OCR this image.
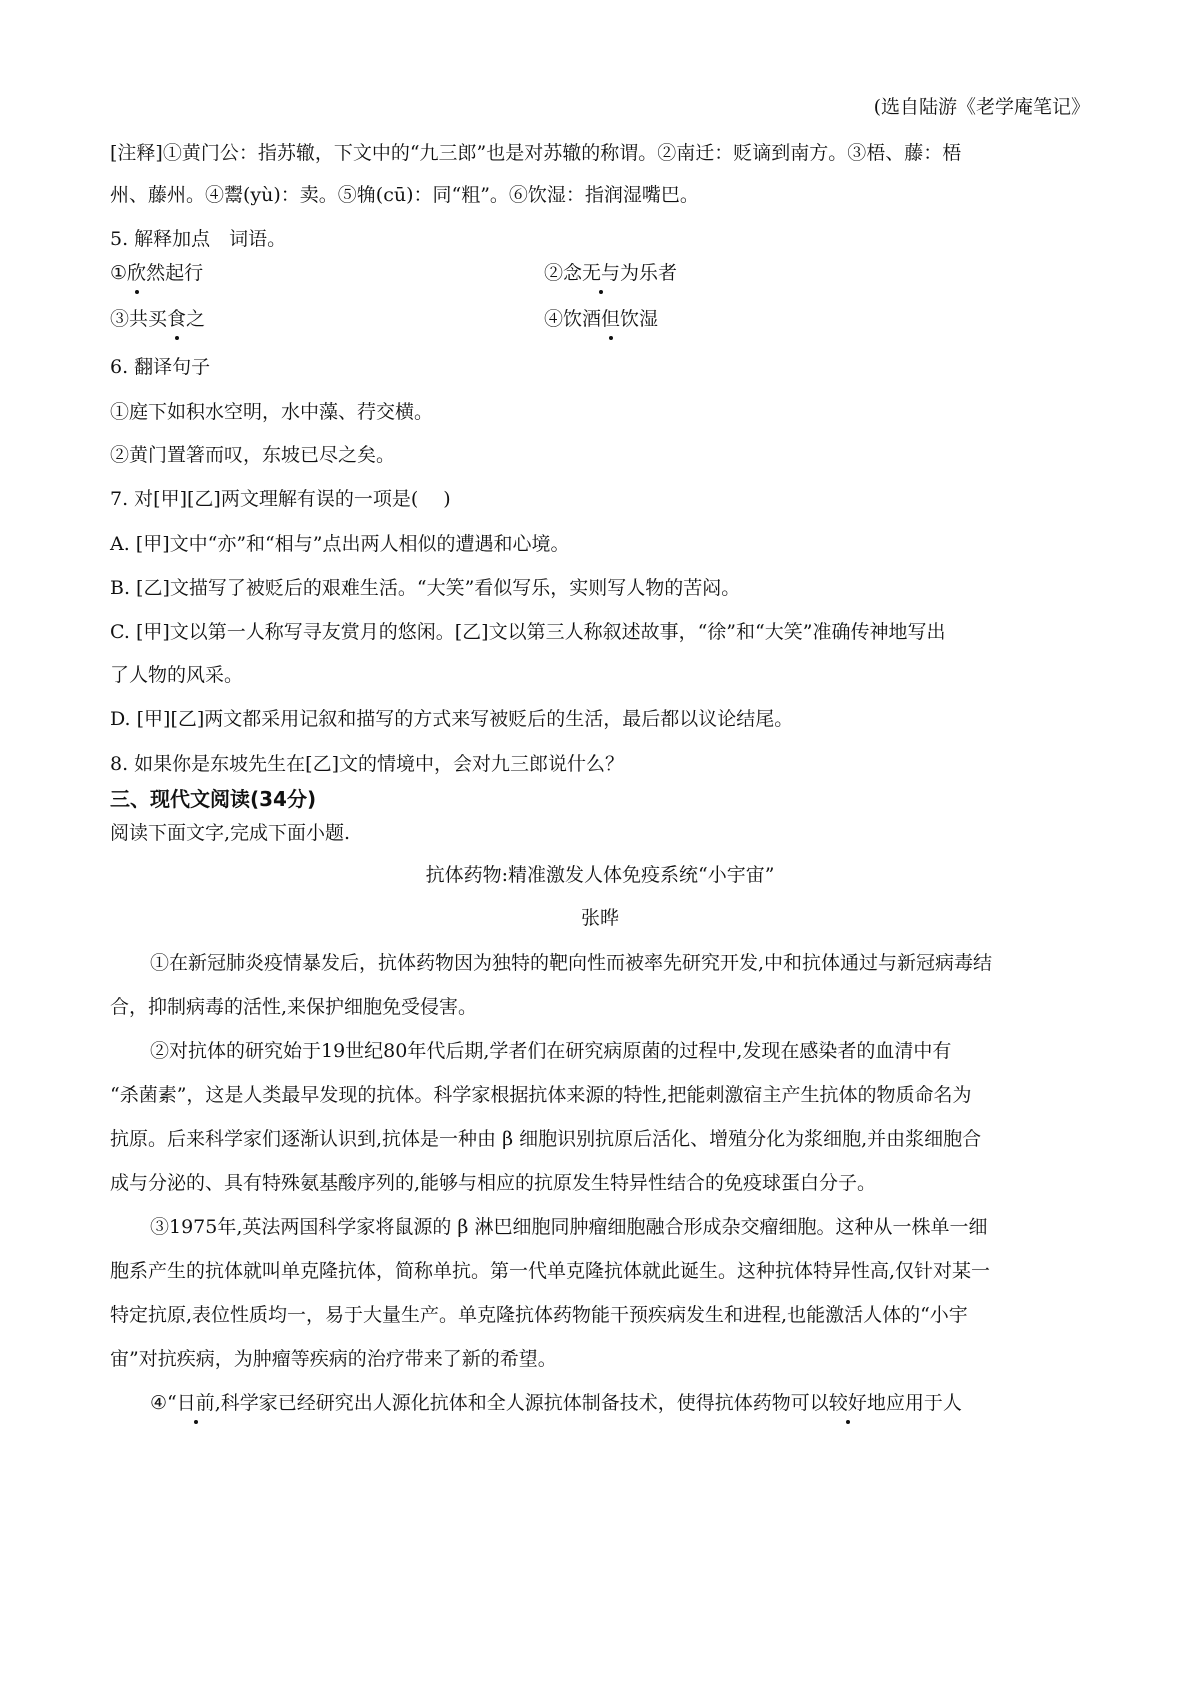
(选自陆游《老学庵笔记》
[注释]①黄门公：指苏辙，下文中的“九三郎”也是对苏辙的称谓。②南迁：贬谪到南方。③梧、藤：梧
州、藤州。④鬻(yù)：卖。⑤觕(cū)：同“粗”。⑥饮湿：指润湿嘴巴。
5. 解释加点　词语。
①欣然起行	②念无与为乐者
③共买食之	④饮酒但饮湿
6. 翻译句子
①庭下如积水空明，水中藻、荇交横。
②黄门置箸而叹，东坡已尽之矣。
7. 对[甲][乙]两文理解有误的一项是(　 )
A. [甲]文中“亦”和“相与”点出两人相似的遭遇和心境。
B. [乙]文描写了被贬后的艰难生活。“大笑”看似写乐，实则写人物的苦闷。
C. [甲]文以第一人称写寻友赏月的悠闲。[乙]文以第三人称叙述故事，“徐”和“大笑”准确传神地写出
了人物的风采。
D. [甲][乙]两文都采用记叙和描写的方式来写被贬后的生活，最后都以议论结尾。
8. 如果你是东坡先生在[乙]文的情境中，会对九三郎说什么？
三、现代文阅读(34分)
阅读下面文字,完成下面小题.
抗体药物:精准激发人体免疫系统“小宇宙”
张晔
①在新冠肺炎疫情暴发后，抗体药物因为独特的靶向性而被率先研究开发,中和抗体通过与新冠病毒结
合，抑制病毒的活性,来保护细胞免受侵害。
②对抗体的研究始于19世纪80年代后期,学者们在研究病原菌的过程中,发现在感染者的血清中有
“杀菌素”，这是人类最早发现的抗体。科学家根据抗体来源的特性,把能刺激宿主产生抗体的物质命名为
抗原。后来科学家们逐渐认识到,抗体是一种由 β 细胞识别抗原后活化、增殖分化为浆细胞,并由浆细胞合
成与分泌的、具有特殊氨基酸序列的,能够与相应的抗原发生特异性结合的免疫球蛋白分子。
③1975年,英法两国科学家将鼠源的 β 淋巴细胞同肿瘤细胞融合形成杂交瘤细胞。这种从一株单一细
胞系产生的抗体就叫单克隆抗体，简称单抗。第一代单克隆抗体就此诞生。这种抗体特异性高,仅针对某一
特定抗原,表位性质均一，易于大量生产。单克隆抗体药物能干预疾病发生和进程,也能激活人体的“小宇
宙”对抗疾病，为肿瘤等疾病的治疗带来了新的希望。
④“日前,科学家已经研究出人源化抗体和全人源抗体制备技术，使得抗体药物可以较好地应用于人
